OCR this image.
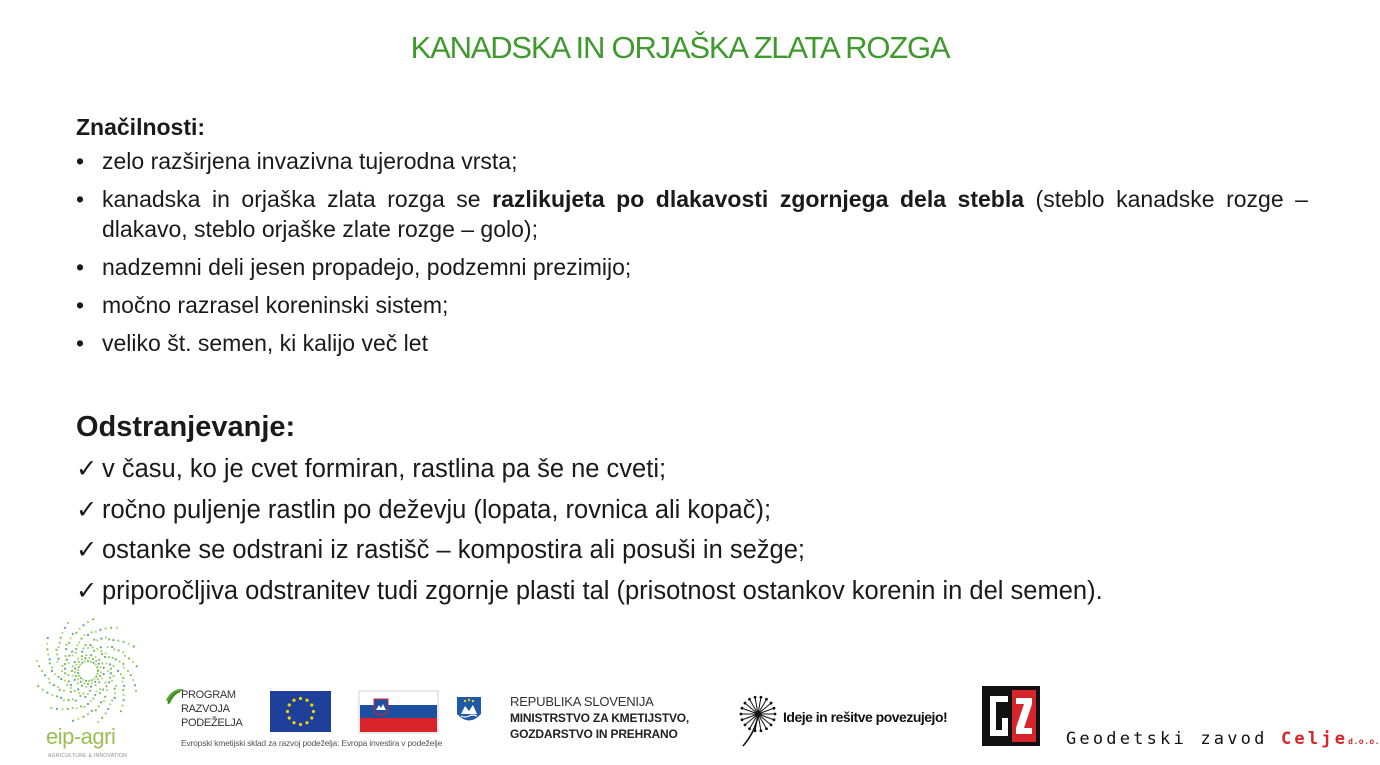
KANADSKA IN ORJAŠKA ZLATA ROZGA
Značilnosti:
• zelo razširjena invazivna tujerodna vrsta;
• kanadska in orjaška zlata rozga se razlikujeta po dlakavosti zgornjega dela stebla (steblo kanadske rozge – dlakavo, steblo orjaške zlate rozge – golo);
• nadzemni deli jesen propadejo, podzemni prezimijo;
• močno razrasel koreninski sistem;
• veliko št. semen, ki kalijo več let
Odstranjevanje:
✓ v času, ko je cvet formiran, rastlina pa še ne cveti;
✓ ročno puljenje rastlin po deževju (lopata, rovnica ali kopač);
✓ ostanke se odstrani iz rastišč – kompostira ali posuši in sežge;
✓ priporočljiva odstranitev tudi zgornje plasti tal (prisotnost ostankov korenin in del semen).
eip-agri
AGRICULTURE & INNOVATION
PROGRAM
RAZVOJA
PODEŽELJA
Evropski kmetijski sklad za razvoj podeželja: Evropa investira v podeželje
REPUBLIKA SLOVENIJA
MINISTRSTVO ZA KMETIJSTVO,
GOZDARSTVO IN PREHRANO
Ideje in rešitve povezujejo!
Geodetski zavod Celjed.o.o.
